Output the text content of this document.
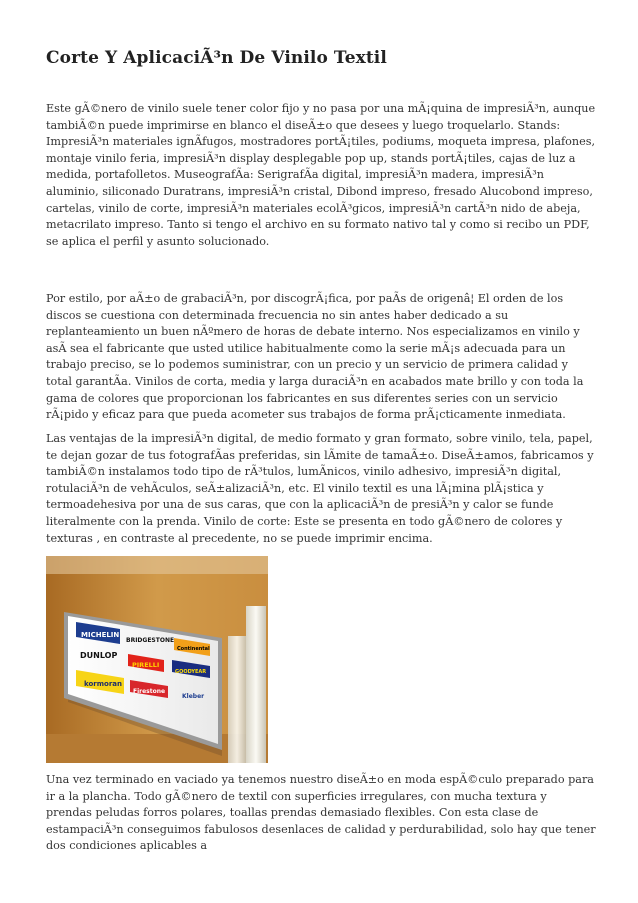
Corte Y AplicaciÃ³n De Vinilo Textil

Este gÃ©nero de vinilo suele tener color fijo y no pasa por una mÃ¡quina de impresiÃ³n, aunque tambiÃ©n puede imprimirse en blanco el diseÃ±o que desees y luego troquelarlo. Stands: ImpresiÃ³n materiales ignÃfugos, mostradores portÃ¡tiles, podiums, moqueta impresa, plafones, montaje vinilo feria, impresiÃ³n display desplegable pop up, stands portÃ¡tiles, cajas de luz a medida, portafolletos. MuseografÃa: SerigrafÃa digital, impresiÃ³n madera, impresiÃ³n aluminio, siliconado Duratrans, impresiÃ³n cristal, Dibond impreso, fresado Alucobond impreso, cartelas, vinilo de corte, impresiÃ³n materiales ecolÃ³gicos, impresiÃ³n cartÃ³n nido de abeja, metacrilato impreso. Tanto si tengo el archivo en su formato nativo tal y como si recibo un PDF, se aplica el perfil y asunto solucionado.

Por estilo, por aÃ±o de grabaciÃ³n, por discogrÃ¡fica, por paÃs de origenâ¦ El orden de los discos se cuestiona con determinada frecuencia no sin antes haber dedicado a su replanteamiento un buen nÃºmero de horas de debate interno. Nos especializamos en vinilo y asÃ sea el fabricante que usted utilice habitualmente como la serie mÃ¡s adecuada para un trabajo preciso, se lo podemos suministrar, con un precio y un servicio de primera calidad y total garantÃa. Vinilos de corta, media y larga duraciÃ³n en acabados mate brillo y con toda la gama de colores que proporcionan los fabricantes en sus diferentes series con un servicio rÃ¡pido y eficaz para que pueda acometer sus trabajos de forma prÃ¡cticamente inmediata.

Las ventajas de la impresiÃ³n digital, de medio formato y gran formato, sobre vinilo, tela, papel, te dejan gozar de tus fotografÃas preferidas, sin lÃmite de tamaÃ±o. DiseÃ±amos, fabricamos y tambiÃ©n instalamos todo tipo de rÃ³tulos, lumÃnicos, vinilo adhesivo, impresiÃ³n digital, rotulaciÃ³n de vehÃculos, seÃ±alizaciÃ³n, etc. El vinilo textil es una lÃ¡mina plÃ¡stica y termoadehesiva por una de sus caras, que con la aplicaciÃ³n de presiÃ³n y calor se funde literalmente con la prenda. Vinilo de corte: Este se presenta en todo gÃ©nero de colores y texturas , en contraste al precedente, no se puede imprimir encima.

MICHELIN
BRIDGESTONE
Continental
DUNLOP
PIRELLI
GOODYEAR
kormoran
Firestone
Kleber

Una vez terminado en vaciado ya tenemos nuestro diseÃ±o en moda espÃ©culo preparado para ir a la plancha. Todo gÃ©nero de textil con superficies irregulares, con mucha textura y prendas peludas forros polares, toallas prendas demasiado flexibles. Con esta clase de estampaciÃ³n conseguimos fabulosos desenlaces de calidad y perdurabilidad, solo hay que tener dos condiciones aplicables a
